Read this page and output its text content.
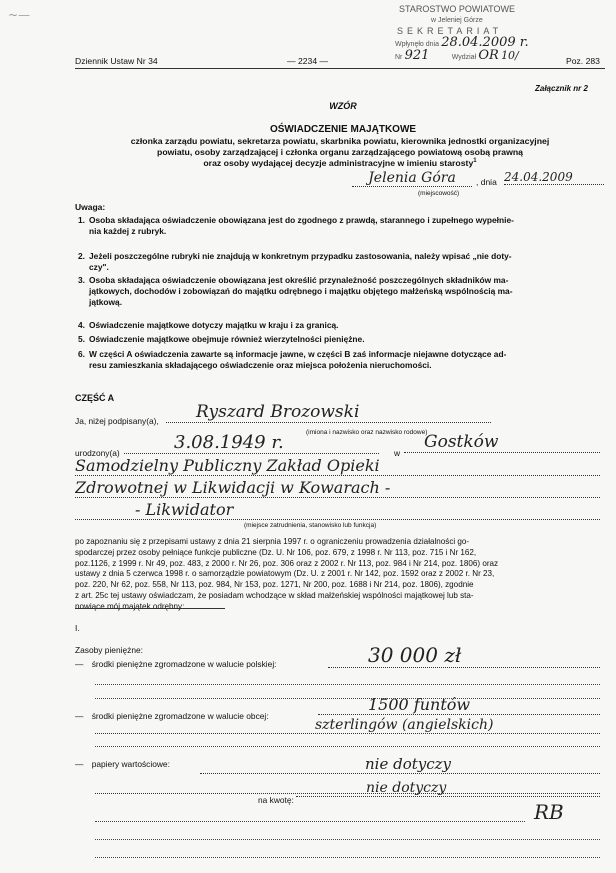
~—	STAROSTWO POWIATOWE
w Jeleniej Górze
SEKRETARIAT
Wpłynęło dnia 28.04.2009 r.
Nr 921	Wydział OR 10/
Dziennik Ustaw Nr 34	— 2234 —	Poz. 283
Załącznik nr 2
WZÓR
OŚWIADCZENIE MAJĄTKOWE
członka zarządu powiatu, sekretarza powiatu, skarbnika powiatu, kierownika jednostki organizacyjnej
powiatu, osoby zarządzającej i członka organu zarządzającego powiatową osobą prawną
oraz osoby wydającej decyzje administracyjne w imieniu starosty$^1$
Jelenia Góra	, dnia 24.04.2009
(miejscowość)
Uwaga:
1. Osoba składająca oświadczenie obowiązana jest do zgodnego z prawdą, starannego i zupełnego wypełnie-
nia każdej z rubryk.
2. Jeżeli poszczególne rubryki nie znajdują w konkretnym przypadku zastosowania, należy wpisać „nie doty-
czy".
3. Osoba składająca oświadczenie obowiązana jest określić przynależność poszczególnych składników ma-
jątkowych, dochodów i zobowiązań do majątku odrębnego i majątku objętego małżeńską wspólnością ma-
jątkową.
4. Oświadczenie majątkowe dotyczy majątku w kraju i za granicą.
5. Oświadczenie majątkowe obejmuje również wierzytelności pieniężne.
6. W części A oświadczenia zawarte są informacje jawne, w części B zaś informacje niejawne dotyczące ad-
resu zamieszkania składającego oświadczenie oraz miejsca położenia nieruchomości.
CZĘŚĆ A
Ja, niżej podpisany(a),	Ryszard Brozowski
(imiona i nazwisko oraz nazwisko rodowe)
urodzony(a)	3.08.1949 r.	w
Gostków
Samodzielny Publiczny Zakład Opieki
Zdrowotnej w Likwidacji w Kowarach -
- Likwidator
(miejsce zatrudnienia, stanowisko lub funkcja)
po zapoznaniu się z przepisami ustawy z dnia 21 sierpnia 1997 r. o ograniczeniu prowadzenia działalności go-
spodarczej przez osoby pełniące funkcje publiczne (Dz. U. Nr 106, poz. 679, z 1998 r. Nr 113, poz. 715 i Nr 162,
poz.1126, z 1999 r. Nr 49, poz. 483, z 2000 r. Nr 26, poz. 306 oraz z 2002 r. Nr 113, poz. 984 i Nr 214, poz. 1806) oraz
ustawy z dnia 5 czerwca 1998 r. o samorządzie powiatowym (Dz. U. z 2001 r. Nr 142, poz. 1592 oraz z 2002 r. Nr 23,
poz. 220, Nr 62, poz. 558, Nr 113, poz. 984, Nr 153, poz. 1271, Nr 200, poz. 1688 i Nr 214, poz. 1806), zgodnie
z art. 25c tej ustawy oświadczam, że posiadam wchodzące w skład małżeńskiej wspólności majątkowej lub sta-
nowiące mój majątek odrębny:
I.
Zasoby pieniężne:
— środki pieniężne zgromadzone w walucie polskiej:	30 000 zł
— środki pieniężne zgromadzone w walucie obcej:
1500 funtów
szterlingów (angielskich)
— papiery wartościowe:	nie dotyczy

na kwotę:
nie dotyczy
RB
